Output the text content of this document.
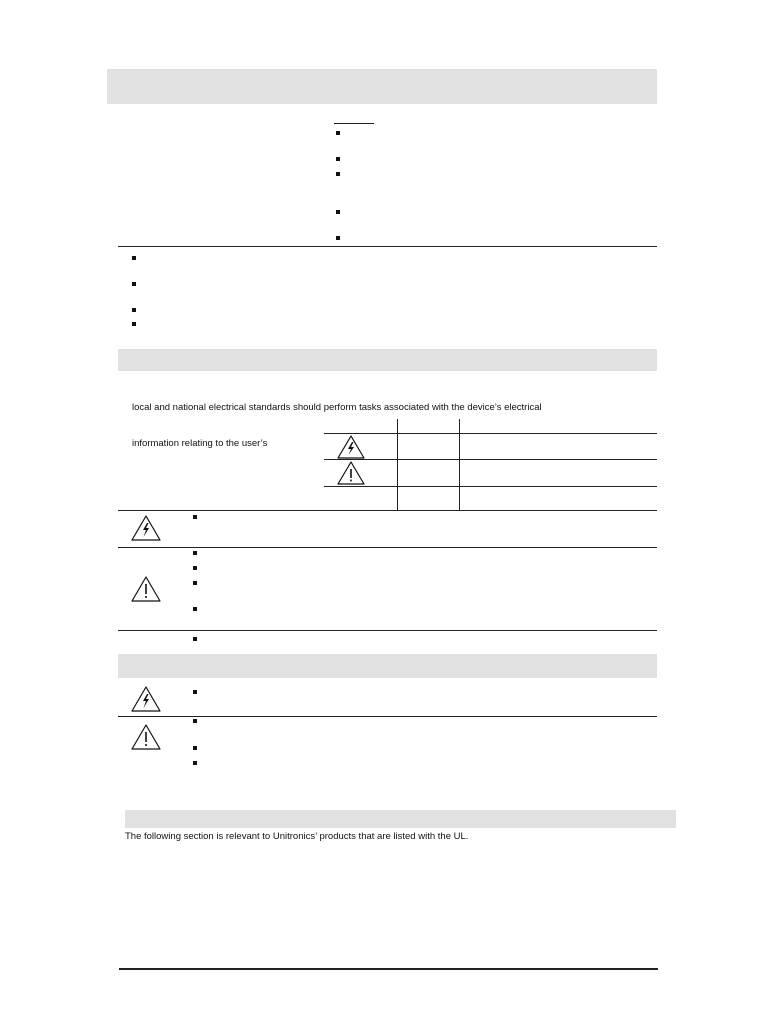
local and national electrical standards should perform tasks associated with the device’s electrical
information relating to the user’s
The following section is relevant to Unitronics’ products that are listed with the UL.
